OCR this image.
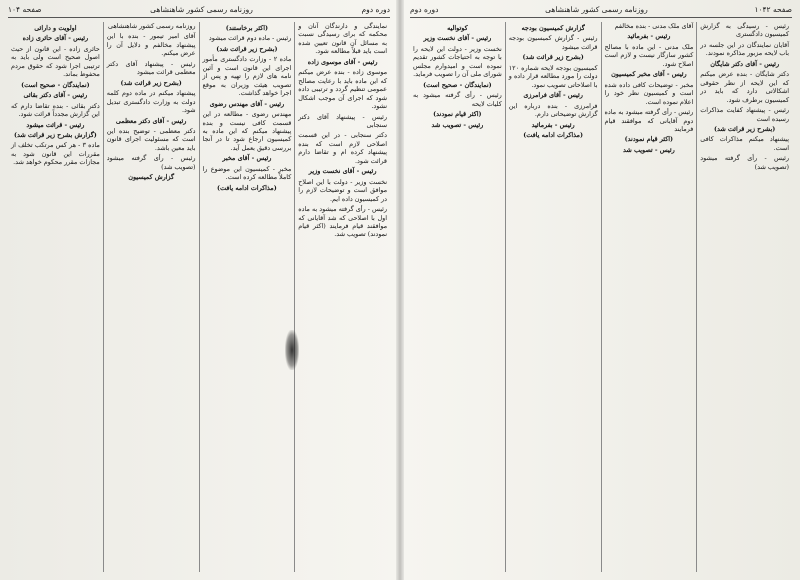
دوره دوم
روزنامه رسمی کشور شاهنشاهی
صفحه ۱۰۴	صفحه ۱۰۴۲
روزنامه رسمی کشور شاهنشاهی
دوره دوم

نمایندگی و دارندگان آنان و محکمه که برای رسیدگی نسبت به مسائل آن قانون تعیین شده است باید قبلاً مطالعه شود.

رئیس - آقای موسوی زاده

موسوی زاده - بنده عرض میکنم که این ماده باید با رعایت مصالح عمومی تنظیم گردد و ترتیبی داده شود که اجرای آن موجب اشکال نشود.

رئیس - پیشنهاد آقای دکتر سنجابی

دکتر سنجابی - در این قسمت اصلاحی لازم است که بنده پیشنهاد کرده ام و تقاضا دارم قرائت شود.

رئیس - آقای نخست وزیر

نخست وزیر - دولت با این اصلاح موافق است و توضیحات لازم را در کمیسیون داده ایم.

رئیس - رأی گرفته میشود به ماده اول با اصلاحی که شد آقایانی که موافقند قیام فرمایند (اکثر قیام نمودند) تصویب شد.

(اکثر برخاستند)

رئیس - ماده دوم قرائت میشود

(بشرح زیر قرائت شد)

ماده ۲ - وزارت دادگستری مأمور اجرای این قانون است و آئین نامه های لازم را تهیه و پس از تصویب هیئت وزیران به موقع اجرا خواهد گذاشت.

رئیس - آقای مهندس رضوی

مهندس رضوی - مطالعه در این قسمت کافی نیست و بنده پیشنهاد میکنم که این ماده به کمیسیون ارجاع شود تا در آنجا بررسی دقیق بعمل آید.

رئیس - آقای مخبر

مخبر - کمیسیون این موضوع را کاملاً مطالعه کرده است.

(مذاکرات ادامه یافت)

روزنامه رسمی کشور شاهنشاهی

آقای امیر تیمور - بنده با این پیشنهاد مخالفم و دلایل آن را عرض میکنم.

رئیس - پیشنهاد آقای دکتر معظمی قرائت میشود

(بشرح زیر قرائت شد)

پیشنهاد میکنم در ماده دوم کلمه دولت به وزارت دادگستری تبدیل شود.

رئیس - آقای دکتر معظمی

دکتر معظمی - توضیح بنده این است که مسئولیت اجرای قانون باید معین باشد.

رئیس - رأی گرفته میشود (تصویب شد)

گزارش کمیسیون

اولویت و دارائی

رئیس - آقای حائری زاده

حائری زاده - این قانون از حیث اصول صحیح است ولی باید به ترتیبی اجرا شود که حقوق مردم محفوظ بماند.

(نمایندگان - صحیح است)

رئیس - آقای دکتر بقائی

دکتر بقائی - بنده تقاضا دارم که این گزارش مجدداً قرائت شود.

رئیس - قرائت میشود

(گزارش بشرح زیر قرائت شد)

ماده ۳ - هر کس مرتکب تخلف از مقررات این قانون شود به مجازات مقرر محکوم خواهد شد.

رئیس - رسیدگی به گزارش کمیسیون دادگستری

آقایان نمایندگان در این جلسه در باب لایحه مزبور مذاکره نمودند.

رئیس - آقای دکتر شایگان

دکتر شایگان - بنده عرض میکنم که این لایحه از نظر حقوقی اشکالاتی دارد که باید در کمیسیون برطرف شود.

رئیس - پیشنهاد کفایت مذاکرات رسیده است

(بشرح زیر قرائت شد)

پیشنهاد میکنم مذاکرات کافی است.

رئیس - رأی گرفته میشود (تصویب شد)

آقای ملک مدنی - بنده مخالفم

رئیس - بفرمائید

ملک مدنی - این ماده با مصالح کشور سازگار نیست و لازم است اصلاح شود.

رئیس - آقای مخبر کمیسیون

مخبر - توضیحات کافی داده شده است و کمیسیون نظر خود را اعلام نموده است.

رئیس - رأی گرفته میشود به ماده دوم آقایانی که موافقند قیام فرمایند

(اکثر قیام نمودند)

رئیس - تصویب شد

گزارش کمیسیون بودجه

رئیس - گزارش کمیسیون بودجه قرائت میشود

(بشرح زیر قرائت شد)

کمیسیون بودجه لایحه شماره ۱۲۰ دولت را مورد مطالعه قرار داده و با اصلاحاتی تصویب نمود.

رئیس - آقای فرامرزی

فرامرزی - بنده درباره این گزارش توضیحاتی دارم.

رئیس - بفرمائید

(مذاکرات ادامه یافت)

کوتوالیه

رئیس - آقای نخست وزیر

نخست وزیر - دولت این لایحه را با توجه به احتیاجات کشور تقدیم نموده است و امیدوارم مجلس شورای ملی آن را تصویب فرماید.

(نمایندگان - صحیح است)

رئیس - رأی گرفته میشود به کلیات لایحه

(اکثر قیام نمودند)

رئیس - تصویب شد
